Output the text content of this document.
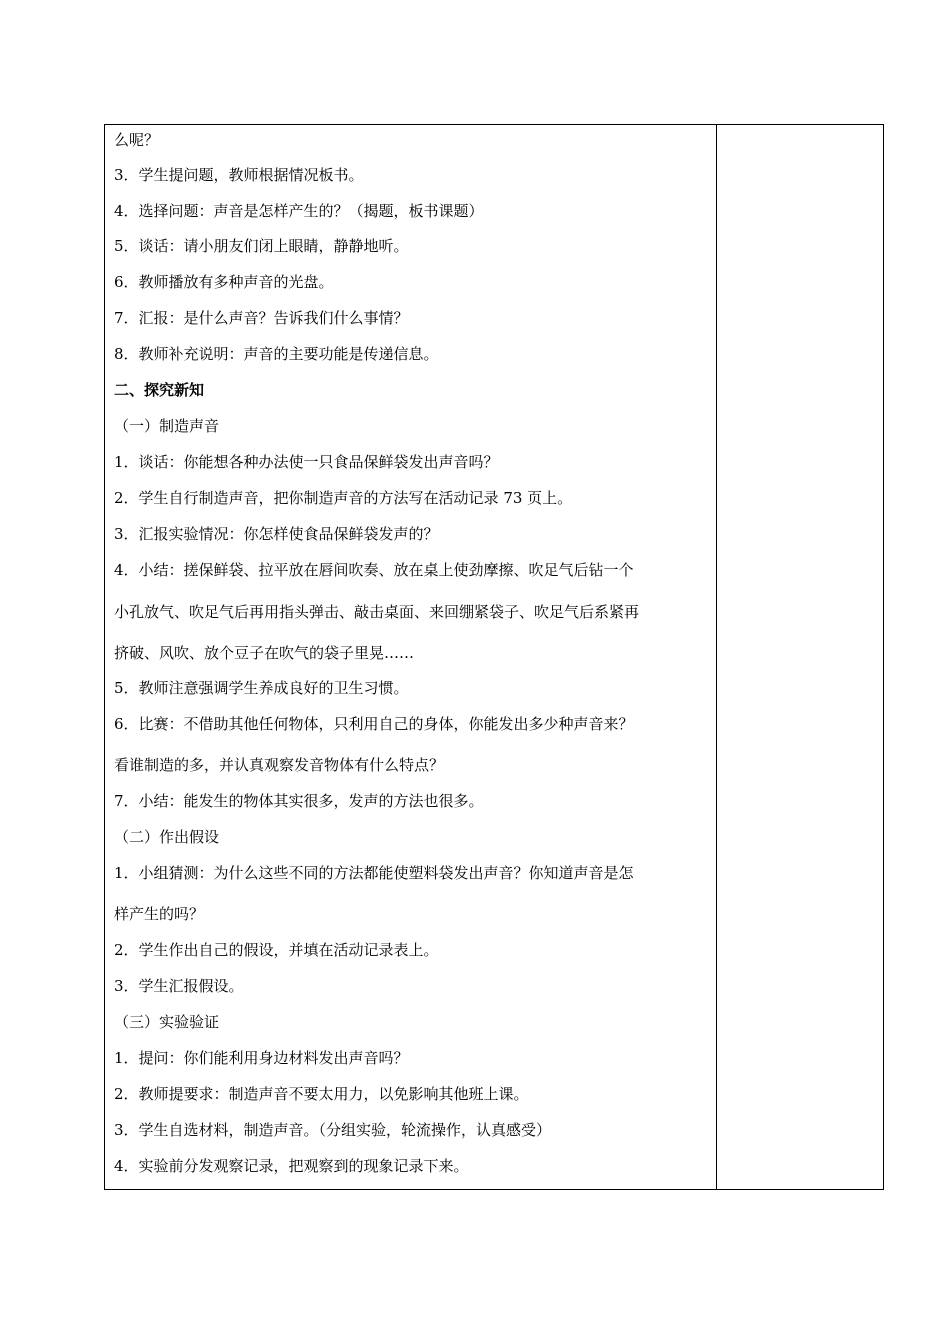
么呢？
3．学生提问题，教师根据情况板书。
4．选择问题：声音是怎样产生的？（揭题，板书课题）
5．谈话：请小朋友们闭上眼睛，静静地听。
6．教师播放有多种声音的光盘。
7．汇报：是什么声音？告诉我们什么事情？
8．教师补充说明：声音的主要功能是传递信息。
二、探究新知
（一）制造声音
1．谈话：你能想各种办法使一只食品保鲜袋发出声音吗？
2．学生自行制造声音，把你制造声音的方法写在活动记录 73 页上。
3．汇报实验情况：你怎样使食品保鲜袋发声的？
4．小结：搓保鲜袋、拉平放在唇间吹奏、放在桌上使劲摩擦、吹足气后钻一个
小孔放气、吹足气后再用指头弹击、敲击桌面、来回绷紧袋子、吹足气后系紧再
挤破、风吹、放个豆子在吹气的袋子里晃……
5．教师注意强调学生养成良好的卫生习惯。
6．比赛：不借助其他任何物体，只利用自己的身体，你能发出多少种声音来？
看谁制造的多，并认真观察发音物体有什么特点？
7．小结：能发生的物体其实很多，发声的方法也很多。
（二）作出假设
1．小组猜测：为什么这些不同的方法都能使塑料袋发出声音？你知道声音是怎
样产生的吗？
2．学生作出自己的假设，并填在活动记录表上。
3．学生汇报假设。
（三）实验验证
1．提问：你们能利用身边材料发出声音吗？
2．教师提要求：制造声音不要太用力，以免影响其他班上课。
3．学生自选材料，制造声音。（分组实验，轮流操作，认真感受）
4．实验前分发观察记录，把观察到的现象记录下来。
